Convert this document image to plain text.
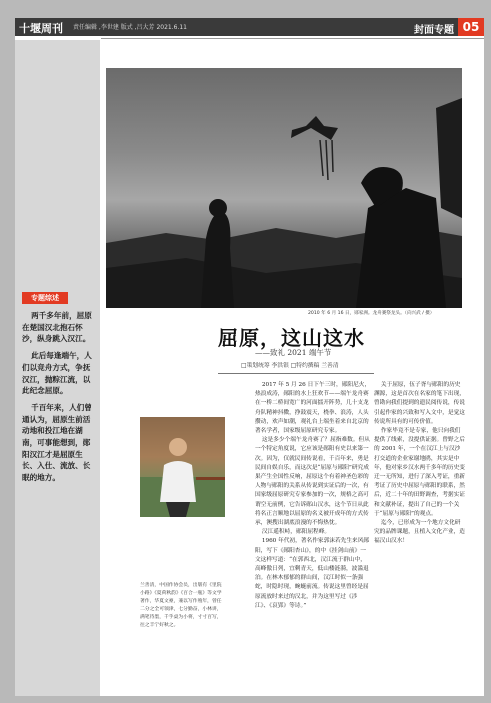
十堰周刊 责任编辑 ,李世建 版式 ,吕大芳 2021.6.11	封面专题 05
专题综述

两千多年前，屈原在楚国汉北抱石怀沙，纵身跳入汉江。

此后每逢端午，人们以竞舟方式，争抚汉江，抛粽江流，以此纪念屈原。

千百年来，人们曾通认为，屈原生前活动地和投江地在湖南，可事能想到，郧阳汉江才是屈原生长、入仕、流放、长眠的地方。

2010 年 6 月 16 日，郧家洲。龙舟赛祭龙头。（向兴武 / 摄）
屈原，这山这水
——致礼 2021 端午节
□策划统筹 李洪银 □特约撰稿 兰善清
兰善清，中国作协会员，出版有《里院小路》《夏荷秋韵》《百合一瓶》等文学著作，华夏文豪，兼以写作殖年，曾任二分之全可领津，七分勤奋，小林讲，满笔待墨，千乎桌为小将，寸寸百写，往之丰宁好秋之。

2017 年 5 月 26 日下午三时，郧阳尼火，热浪成涛，郧阳的水上狂欢节——端午龙舟赛在一桥二桥间宽广的河面擂开阵势，几十支龙舟队精神抖擞，挣鼓震天，桡拳、浪涛，人头攒动，欢声如潮，观礼台上端坐着来自北京的著名学者，国家级屈原研究专家。

这是多少个端午龙舟赛了？屈指难数。但从一个特定角度说，它应该是郧阳有史以来第一次。因为，仅就民间传说看，千百年来，勇是民间自娱自乐，而这次是“屈原与郧阳”研究成果产生全国性反响，屈原这个有着神圣色彩的人物与郧阳的关系从传说到实证后的一次，有国家级屈原研究专家参加的一次，规格之高可谓空无前例，它告诉郧山汉水，这个节日从此将名正言顺地以屈原的名义被开成年的方式传承，澳搜出湖底浪漫的不悔热忱。

汉江遥积峙，郧阳屈程峰。

1960 年代初，著名作家郭沫若先生来风郧阳，写下《郧阳杏山》，的中《挂剑山前》一文这样写道：“在郭西北，汉江流于群山中，高峰傲日列，宜剩青天，低山楼涟漪，波滥退泊。在林木郁郁的群山间，汉江时似一条强蛇，时隐时现，蜿蜒前流。传说这里曾经是屈原流放时来过的汉北，并为这里写过《涉江》、《哀郢》等诗。”

关于屈原，伍子胥与郧阳的历史渊源，这是首次在名家的笔下出现，曾勘向我们提到的遗民阅传说，传说引起作家的兴致和写入文中，是觉这传说所具有的可传价值。

作家毕竟不是专家，他只向我们提供了线索，没提供证据。曾野之后的 2001 年，一个在汉江上与汉沙打交道的企业家谢地鸥，其实是中年，他对家乡汉水两千多年的历史变迁一无所知，进行了深入考证，重新考证了历史中屈原与郧阳的联系，然后，近二十年的田野调查，考据实证和文献补证，提出了自己的一个关于“屈原与郧阳”的观点。

迄今，已形成为一个地方文化研究的品牌课题，且植入文化产业，造福汉山汉水！
